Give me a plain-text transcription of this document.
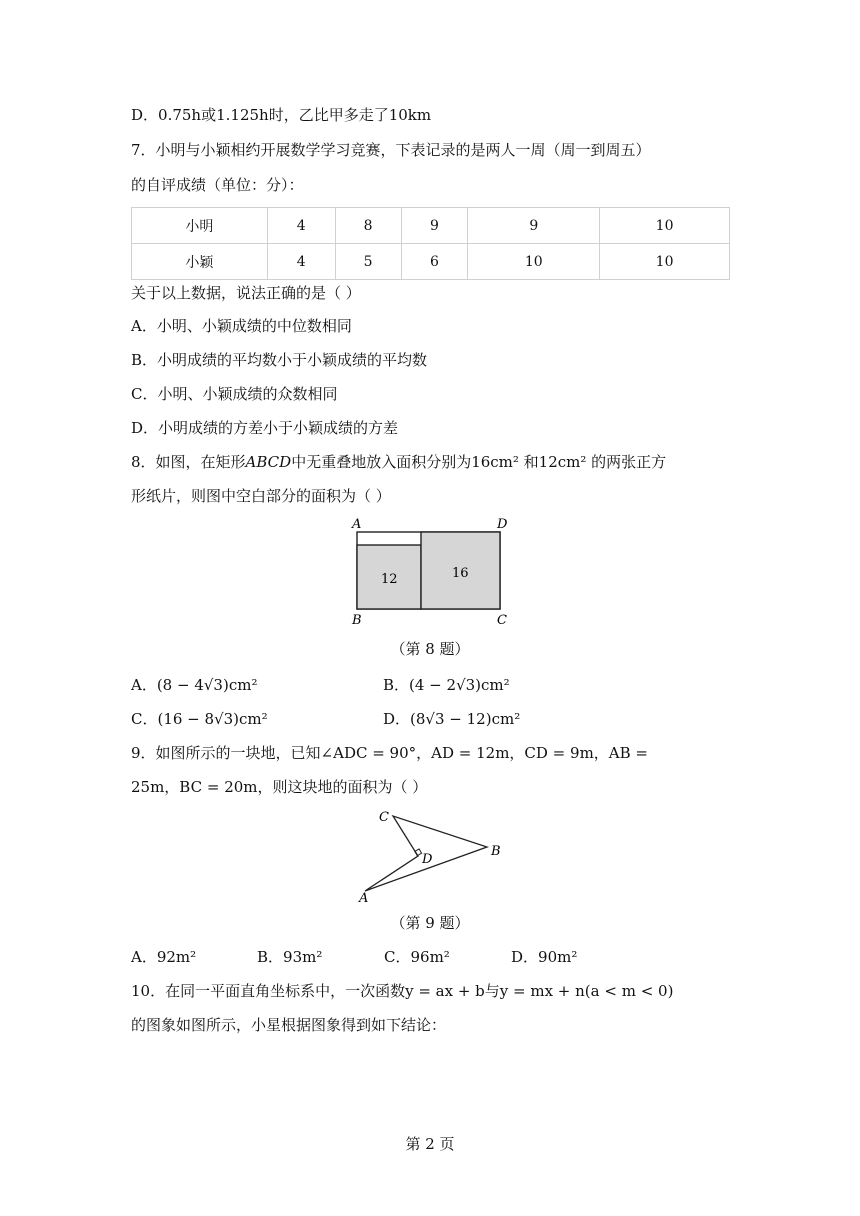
D．0.75h或1.125h时，乙比甲多走了10km
7．小明与小颖相约开展数学学习竞赛，下表记录的是两人一周（周一到周五）
的自评成绩（单位：分）：
小明	4	8	9	9	10
小颖	4	5	6	10	10
关于以上数据，说法正确的是（ ）
A．小明、小颖成绩的中位数相同
B．小明成绩的平均数小于小颖成绩的平均数
C．小明、小颖成绩的众数相同
D．小明成绩的方差小于小颖成绩的方差
8．如图，在矩形ABCD中无重叠地放入面积分别为16cm² 和12cm² 的两张正方
形纸片，则图中空白部分的面积为（ ）
A	D
B	C
12	16
（第 8 题）
A．(8 − 4√3)cm²	B．(4 − 2√3)cm²
C．(16 − 8√3)cm²	D．(8√3 − 12)cm²
9．如图所示的一块地，已知∠ADC = 90°，AD = 12m，CD = 9m，AB =
25m，BC = 20m，则这块地的面积为（ ）
C
D
A
B
（第 9 题）
A．92m²	B．93m²	C．96m²	D．90m²
10．在同一平面直角坐标系中，一次函数y = ax + b与y = mx + n(a < m < 0)
的图象如图所示，小星根据图象得到如下结论：
第 2 页
